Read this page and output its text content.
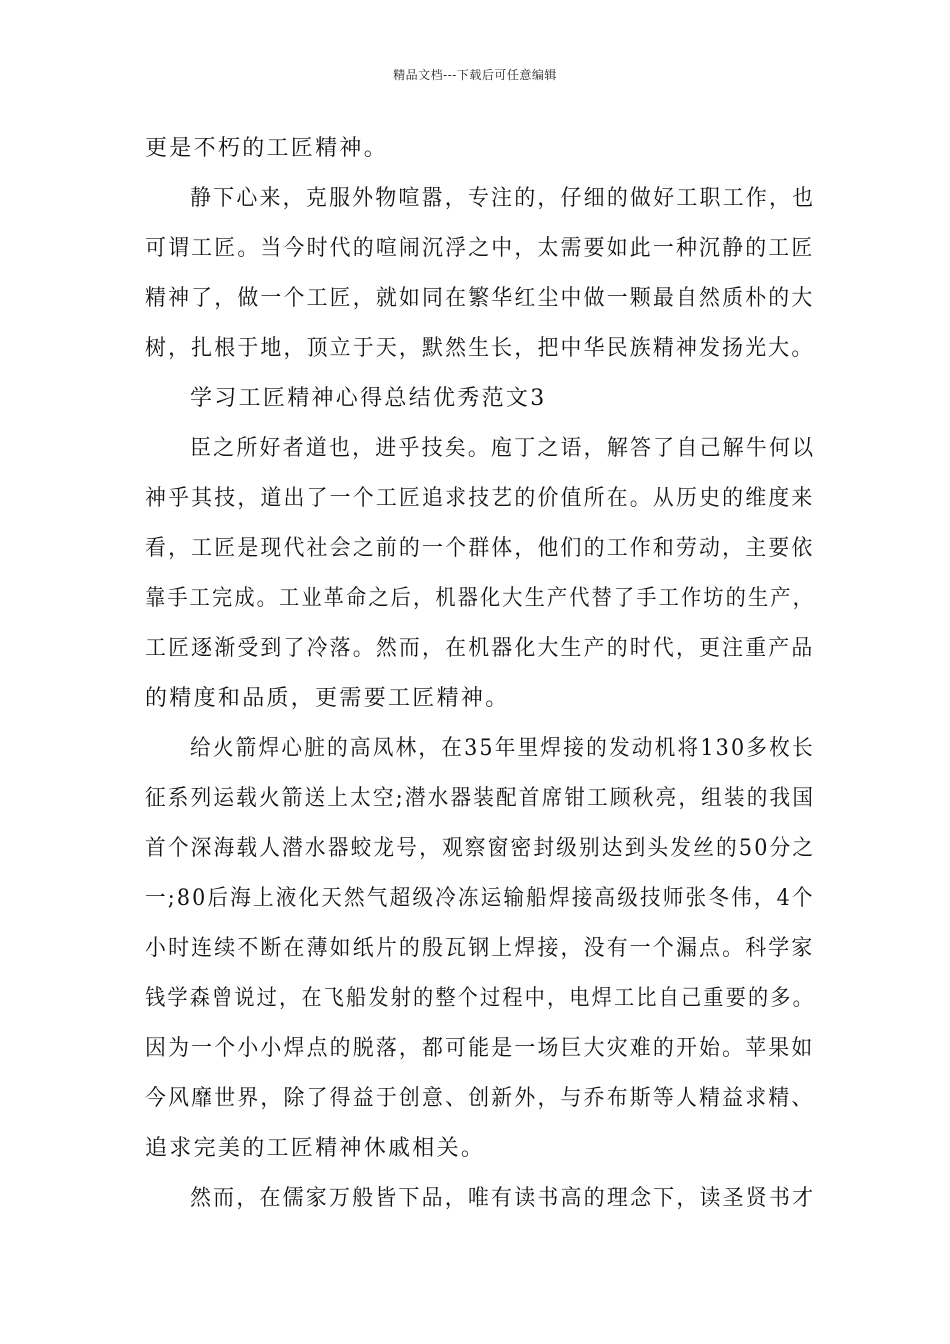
精品文档---下载后可任意编辑
更是不朽的工匠精神。
静下心来，克服外物喧嚣，专注的，仔细的做好工职工作，也
可谓工匠。当今时代的喧闹沉浮之中，太需要如此一种沉静的工匠
精神了，做一个工匠，就如同在繁华红尘中做一颗最自然质朴的大
树，扎根于地，顶立于天，默然生长，把中华民族精神发扬光大。
学习工匠精神心得总结优秀范文3
臣之所好者道也，进乎技矣。庖丁之语，解答了自己解牛何以
神乎其技，道出了一个工匠追求技艺的价值所在。从历史的维度来
看，工匠是现代社会之前的一个群体，他们的工作和劳动，主要依
靠手工完成。工业革命之后，机器化大生产代替了手工作坊的生产，
工匠逐渐受到了冷落。然而，在机器化大生产的时代，更注重产品
的精度和品质，更需要工匠精神。
给火箭焊心脏的高凤林，在35年里焊接的发动机将130多枚长
征系列运载火箭送上太空;潜水器装配首席钳工顾秋亮，组装的我国
首个深海载人潜水器蛟龙号，观察窗密封级别达到头发丝的50分之
一;80后海上液化天然气超级冷冻运输船焊接高级技师张冬伟，4个
小时连续不断在薄如纸片的殷瓦钢上焊接，没有一个漏点。科学家
钱学森曾说过，在飞船发射的整个过程中，电焊工比自己重要的多。
因为一个小小焊点的脱落，都可能是一场巨大灾难的开始。苹果如
今风靡世界，除了得益于创意、创新外，与乔布斯等人精益求精、
追求完美的工匠精神休戚相关。
然而，在儒家万般皆下品，唯有读书高的理念下，读圣贤书才
